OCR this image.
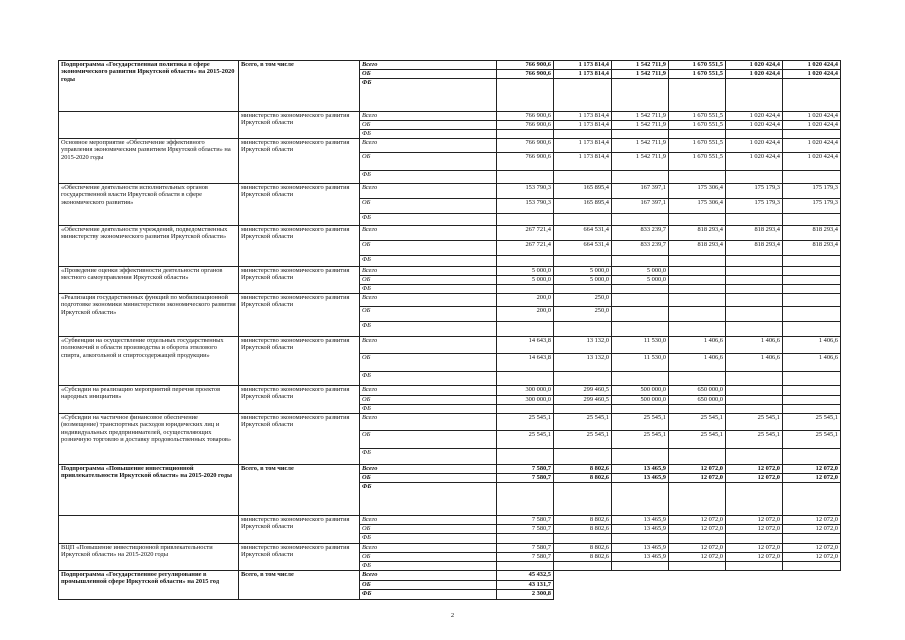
Подпрограмма «Государственная политика в сфере экономического развития Иркутской области» на 2015-2020 годы	Всего, в том числе	Всего	766 900,6	1 173 814,4	1 542 711,9	1 670 551,5	1 020 424,4	1 020 424,4
		ОБ	766 900,6	1 173 814,4	1 542 711,9	1 670 551,5	1 020 424,4	1 020 424,4
		ФБ						
	министерство экономического развития Иркутской области	Всего	766 900,6	1 173 814,4	1 542 711,9	1 670 551,5	1 020 424,4	1 020 424,4
		ОБ	766 900,6	1 173 814,4	1 542 711,9	1 670 551,5	1 020 424,4	1 020 424,4
		ФБ						
Основное мероприятие «Обеспечение эффективного управления экономическим развитием Иркутской области» на 2015-2020 годы	министерство экономического развития Иркутской области	Всего	766 900,6	1 173 814,4	1 542 711,9	1 670 551,5	1 020 424,4	1 020 424,4
		ОБ	766 900,6	1 173 814,4	1 542 711,9	1 670 551,5	1 020 424,4	1 020 424,4
		ФБ						
«Обеспечение деятельности исполнительных органов государственной власти Иркутской области в сфере экономического развития»	министерство экономического развития Иркутской области	Всего	153 790,3	165 895,4	167 397,1	175 306,4	175 179,3	175 179,3
		ОБ	153 790,3	165 895,4	167 397,1	175 306,4	175 179,3	175 179,3
		ФБ						
«Обеспечение деятельности учреждений, подведомственных министерству экономического развития Иркутской области»	министерство экономического развития Иркутской области	Всего	267 721,4	664 531,4	833 239,7	818 293,4	818 293,4	818 293,4
		ОБ	267 721,4	664 531,4	833 239,7	818 293,4	818 293,4	818 293,4
		ФБ						
«Проведение оценки эффективности деятельности органов местного самоуправления Иркутской области»	министерство экономического развития Иркутской области	Всего	5 000,0	5 000,0	5 000,0			
		ОБ	5 000,0	5 000,0	5 000,0			
		ФБ						
«Реализация государственных функций по мобилизационной подготовке экономики министерством экономического развития Иркутской области»	министерство экономического развития Иркутской области	Всего	200,0	250,0				
		ОБ	200,0	250,0				
		ФБ						
«Субвенции на осуществление отдельных государственных полномочий в области производства и оборота этилового спирта, алкогольной и спиртосодержащей продукции»	министерство экономического развития Иркутской области	Всего	14 643,8	13 132,0	11 530,0	1 406,6	1 406,6	1 406,6
		ОБ	14 643,8	13 132,0	11 530,0	1 406,6	1 406,6	1 406,6
		ФБ						
«Субсидии на реализацию мероприятий перечня проектов народных инициатив»	министерство экономического развития Иркутской области	Всего	300 000,0	299 460,5	500 000,0	650 000,0		
		ОБ	300 000,0	299 460,5	500 000,0	650 000,0		
		ФБ						
«Субсидии на частичное финансовое обеспечение (возмещение) транспортных расходов юридических лиц и индивидуальных предпринимателей, осуществляющих розничную торговлю и доставку продовольственных товаров»	министерство экономического развития Иркутской области	Всего	25 545,1	25 545,1	25 545,1	25 545,1	25 545,1	25 545,1
		ОБ	25 545,1	25 545,1	25 545,1	25 545,1	25 545,1	25 545,1
		ФБ						
Подпрограмма «Повышение инвестиционной привлекательности Иркутской области» на 2015-2020 годы	Всего, в том числе	Всего	7 580,7	8 802,6	13 465,9	12 072,0	12 072,0	12 072,0
		ОБ	7 580,7	8 802,6	13 465,9	12 072,0	12 072,0	12 072,0
		ФБ						
	министерство экономического развития Иркутской области	Всего	7 580,7	8 802,6	13 465,9	12 072,0	12 072,0	12 072,0
		ОБ	7 580,7	8 802,6	13 465,9	12 072,0	12 072,0	12 072,0
		ФБ						
ВЦП «Повышение инвестиционной привлекательности Иркутской области» на 2015-2020 годы	министерство экономического развития Иркутской области	Всего	7 580,7	8 802,6	13 465,9	12 072,0	12 072,0	12 072,0
		ОБ	7 580,7	8 802,6	13 465,9	12 072,0	12 072,0	12 072,0
		ФБ						
Подпрограмма «Государственное регулирование в промышленной сфере Иркутской области» на 2015 год	Всего, в том числе	Всего	45 432,5					
		ОБ	43 131,7					
		ФБ	2 300,8					
2
